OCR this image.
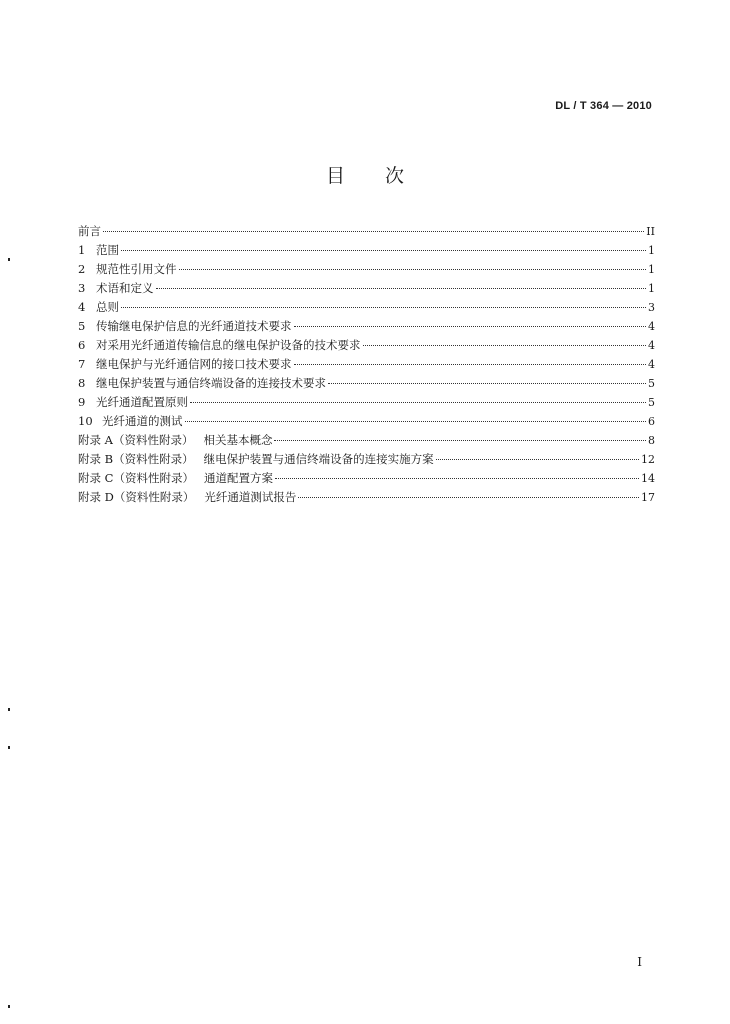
DL / T 364 — 2010
目 次
前言	II
1 范围	1
2 规范性引用文件	1
3 术语和定义	1
4 总则	3
5 传输继电保护信息的光纤通道技术要求	4
6 对采用光纤通道传输信息的继电保护设备的技术要求	4
7 继电保护与光纤通信网的接口技术要求	4
8 继电保护装置与通信终端设备的连接技术要求	5
9 光纤通道配置原则	5
10 光纤通道的测试	6
附录 A（资料性附录） 相关基本概念	8
附录 B（资料性附录） 继电保护装置与通信终端设备的连接实施方案	12
附录 C（资料性附录） 通道配置方案	14
附录 D（资料性附录） 光纤通道测试报告	17
I
